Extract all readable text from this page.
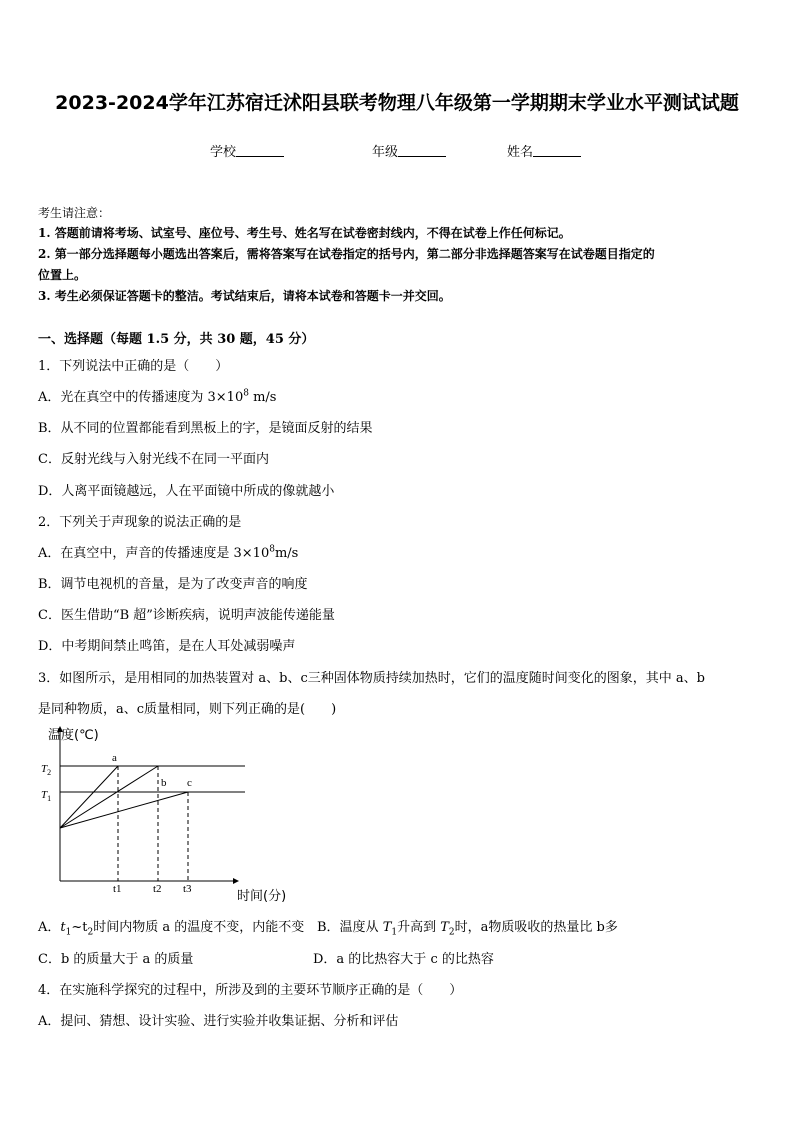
2023-2024学年江苏宿迁沭阳县联考物理八年级第一学期期末学业水平测试试题
学校	年级	姓名
考生请注意：
1. 答题前请将考场、试室号、座位号、考生号、姓名写在试卷密封线内，不得在试卷上作任何标记。
2. 第一部分选择题每小题选出答案后，需将答案写在试卷指定的括号内，第二部分非选择题答案写在试卷题目指定的
位置上。
3. 考生必须保证答题卡的整洁。考试结束后，请将本试卷和答题卡一并交回。
一、选择题（每题 1.5 分，共 30 题，45 分）
1．下列说法中正确的是（　　）
A．光在真空中的传播速度为 $3\times 10^8$ m/s
B．从不同的位置都能看到黑板上的字，是镜面反射的结果
C．反射光线与入射光线不在同一平面内
D．人离平面镜越远，人在平面镜中所成的像就越小
2．下列关于声现象的说法正确的是
A．在真空中，声音的传播速度是 $3\times 10^8m/s$
B．调节电视机的音量，是为了改变声音的响度
C．医生借助“B 超”诊断疾病，说明声波能传递能量
D．中考期间禁止鸣笛，是在人耳处减弱噪声
3．如图所示，是用相同的加热装置对 a、b、c三种固体物质持续加热时，它们的温度随时间变化的图象，其中 a、b
是同种物质，a、c质量相同，则下列正确的是(　　)
温度(℃)
时间(分)
$T_2$
$T_1$
a
b c
t1	t2 t3
A．$t_1\sim t_2$时间内物质 a 的温度不变，内能不变 B．温度从 $T_1$升高到 $T_2$时，a物质吸收的热量比 b多
C．b 的质量大于 a 的质量	D．a 的比热容大于 c 的比热容
4．在实施科学探究的过程中，所涉及到的主要环节顺序正确的是（　　）
A．提问、猜想、设计实验、进行实验并收集证据、分析和评估
